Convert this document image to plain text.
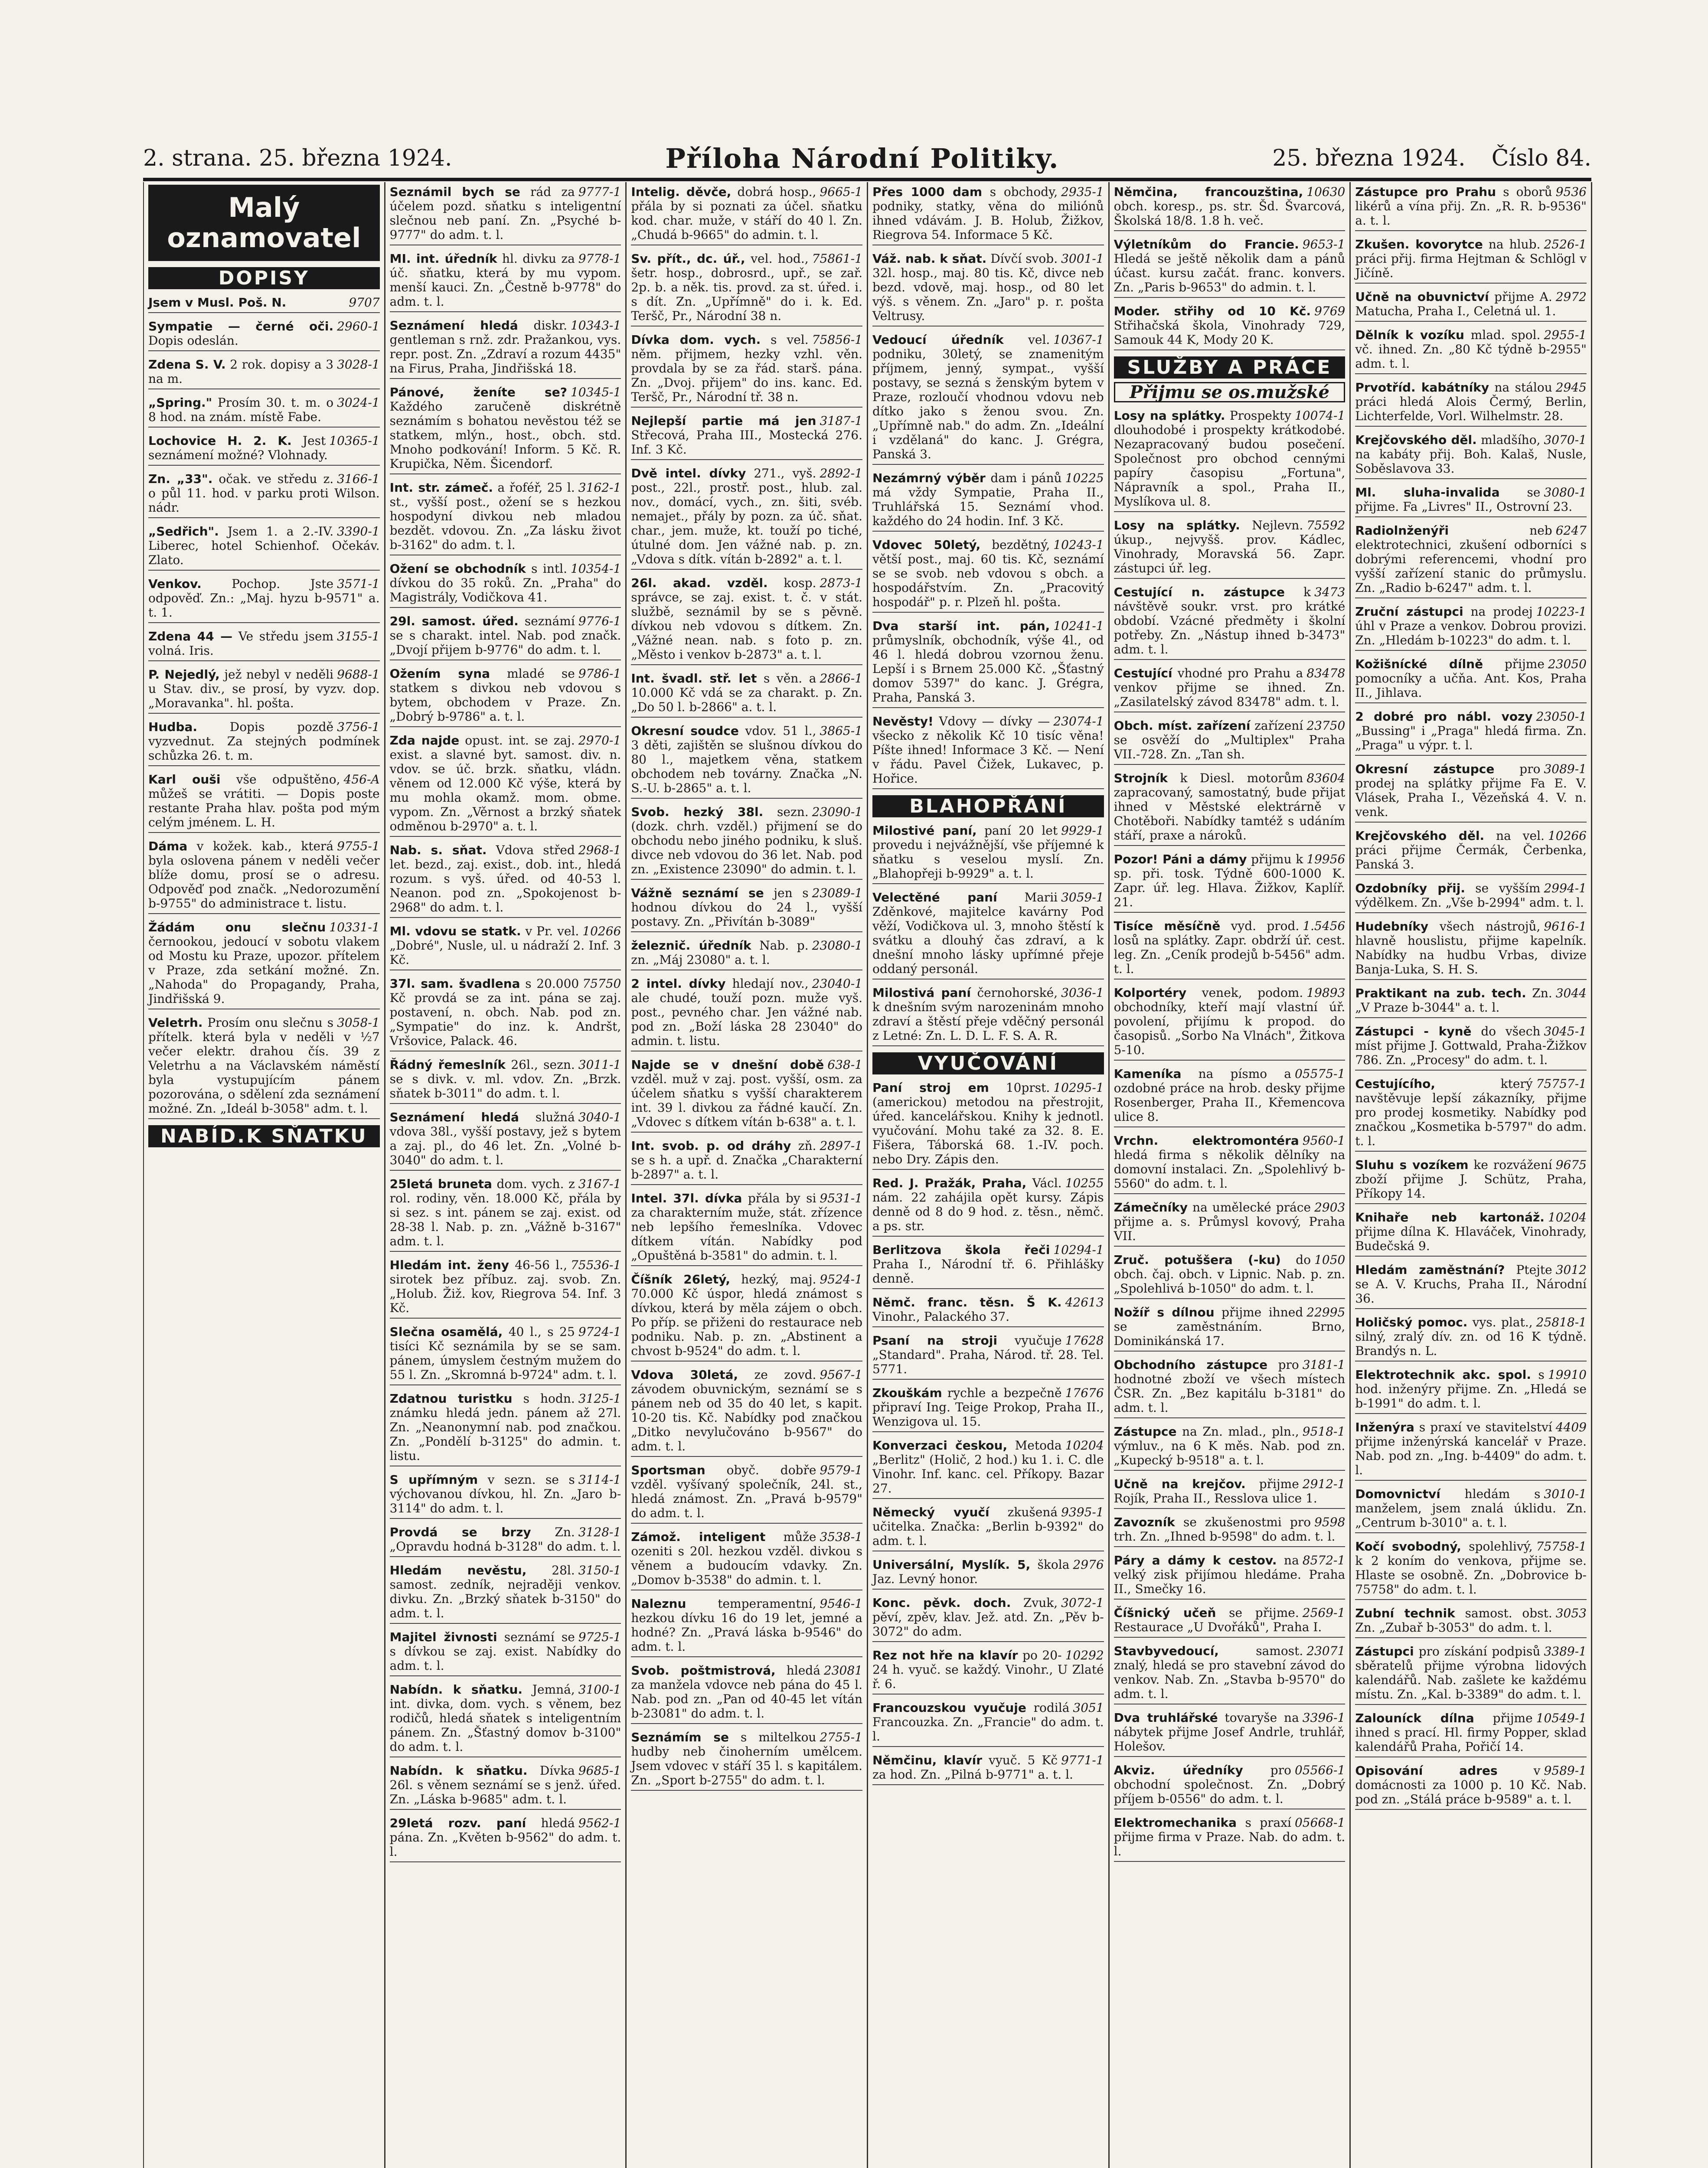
2. strana. 25. března 1924.	Příloha Národní Politiky.	25. března 1924. Číslo 84.
Malý oznamovatel
DOPISY
9707
Jsem v Musl. Poš. N.
2960-1
Sympatie — černé oči. Dopis odeslán.
3028-1
Zdena S. V. 2 rok. dopisy a 3 na m.
3024-1
„Spring." Prosím 30. t. m. o 8 hod. na znám. místě Fabe.
10365-1
Lochovice H. 2. K. Jest seznámení možné? Vlohnady.
3166-1
Zn. „33". očak. ve středu z. o půl 11. hod. v parku proti Wilson. nádr.
3390-1
„Sedřich". Jsem 1. a 2.-IV. Liberec, hotel Schienhof. Očekáv. Zlato.
3571-1
Venkov. Pochop. Jste odpověď. Zn.: „Maj. hyzu b-9571" a. t. 1.
3155-1
Zdena 44 — Ve středu jsem volná. Iris.
9688-1
P. Nejedlý, jež nebyl v neděli u Stav. div., se prosí, by vyzv. dop. „Moravanka". hl. pošta.
3756-1
Hudba. Dopis pozdě vyzvednut. Za stejných podmínek schůzka 26. t. m.
456-A
Karl ouši vše odpuštěno, můžeš se vrátiti. — Dopis poste restante Praha hlav. pošta pod mým celým jménem. L. H.
9755-1
Dáma v kožek. kab., která byla oslovena pánem v neděli večer blíže domu, prosí se o adresu. Odpověď pod značk. „Nedorozumění b-9755" do administrace t. listu.
10331-1
Žádám onu slečnu černookou, jedoucí v sobotu vlakem od Mostu ku Praze, upozor. přítelem v Praze, zda setkání možné. Zn. „Nahoda" do Propagandy, Praha, Jindřišská 9.
3058-1
Veletrh. Prosím onu slečnu s přítelk. která byla v neděli v ½7 večer elektr. drahou čís. 39 z Veletrhu a na Václavském náměstí byla vystupujícím pánem pozorována, o sdělení zda seznámení možné. Zn. „Ideál b-3058" adm. t. l.
NABÍD.K SŇATKU
9777-1
Seznámil bych se rád za účelem pozd. sňatku s inteligentní slečnou neb paní. Zn. „Psyché b-9777" do adm. t. l.
9778-1
MI. int. úředník hl. divku za úč. sňatku, která by mu vypom. menší kauci. Zn. „Čestně b-9778" do adm. t. l.
10343-1
Seznámení hledá diskr. gentleman s rnž. zdr. Pražankou, vys. repr. post. Zn. „Zdraví a rozum 4435" na Firus, Praha, Jindřišská 18.
10345-1
Pánové, ženíte se? Každého zaručeně diskrétně seznámím s bohatou nevěstou též se statkem, mlýn., host., obch. std. Mnoho podkování! Inform. 5 Kč. R. Krupička, Něm. Šicendorf.
3162-1
Int. str. zámeč. a řoféř, 25 l. st., vyšší post., ožení se s hezkou hospodyní divkou neb mladou bezdět. vdovou. Zn. „Za lásku život b-3162" do adm. t. l.
10354-1
Ožení se obchodník s intl. dívkou do 35 roků. Zn. „Praha" do Magistrály, Vodičkova 41.
9776-1
29l. samost. úřed. seznámí se s charakt. intel. Nab. pod značk. „Dvojí přijem b-9776" do adm. t. l.
9786-1
Ožením syna mladé se statkem s divkou neb vdovou s bytem, obchodem v Praze. Zn. „Dobrý b-9786" a. t. l.
2970-1
Zda najde opust. int. se zaj. exist. a slavné byt. samost. div. n. vdov. se úč. brzk. sňatku, vládn. věnem od 12.000 Kč výše, která by mu mohla okamž. mom. obme. vypom. Zn. „Věrnost a brzký sňatek odměnou b-2970" a. t. l.
2968-1
Nab. s. sňat. Vdova střed let. bezd., zaj. exist., dob. int., hledá rozum. s vyš. úřed. od 40-53 l. Neanon. pod zn. „Spokojenost b-2968" do adm. t. l.
10266
Ml. vdovu se statk. v Pr. vel. „Dobré", Nusle, ul. u nádraží 2. Inf. 3 Kč.
75750
37l. sam. švadlena s 20.000 Kč provdá se za int. pána se zaj. postavení, n. obch. Nab. pod zn. „Sympatie" do inz. k. Andršt, Vršovice, Palack. 46.
3011-1
Řádný řemeslník 26l., sezn. se s divk. v. ml. vdov. Zn. „Brzk. sňatek b-3011" do adm. t. l.
3040-1
Seznámení hledá služná vdova 38l., vyšší postavy, jež s bytem a zaj. pl., do 46 let. Zn. „Volné b-3040" do adm. t. l.
3167-1
25letá bruneta dom. vych. z rol. rodiny, věn. 18.000 Kč, přála by si sez. s int. pánem se zaj. exist. od 28-38 l. Nab. p. zn. „Vážně b-3167" adm. t. l.
75536-1
Hledám int. ženy 46-56 l., sirotek bez příbuz. zaj. svob. Zn. „Holub. Žiž. kov, Riegrova 54. Inf. 3 Kč.
9724-1
Slečna osamělá, 40 l., s 25 tisíci Kč seznámila by se se sam. pánem, úmyslem čestným mužem do 55 l. Zn. „Skromná b-9724" adm. t. l.
3125-1
Zdatnou turistku s hodn. známku hledá jedn. pánem až 27l. Zn. „Neanonymní nab. pod značkou. Zn. „Pondělí b-3125" do admin. t. listu.
3114-1
S upřímným v sezn. se s výchovanou dívkou, hl. Zn. „Jaro b-3114" do adm. t. l.
3128-1
Provdá se brzy Zn. „Opravdu hodná b-3128" do adm. t. l.
3150-1
Hledám nevěstu, 28l. samost. zedník, nejraději venkov. divku. Zn. „Brzký sňatek b-3150" do adm. t. l.
9725-1
Majitel živnosti seznámí se s dívkou se zaj. exist. Nabídky do adm. t. l.
3100-1
Nabídn. k sňatku. Jemná, int. divka, dom. vych. s věnem, bez rodičů, hledá sňatek s inteligentním pánem. Zn. „Šťastný domov b-3100" do adm. t. l.
9685-1
Nabídn. k sňatku. Dívka 26l. s věnem seznámí se s jenž. úřed. Zn. „Láska b-9685" adm. t. l.
9562-1
29letá rozv. paní hledá pána. Zn. „Květen b-9562" do adm. t. l.
9665-1
Intelig. děvče, dobrá hosp., přála by si poznati za účel. sňatku kod. char. muže, v stáří do 40 l. Zn. „Chudá b-9665" do admin. t. l.
75861-1
Sv. přít., dc. úř., vel. hod., šetr. hosp., dobrosrd., upř., se zař. 2p. b. a něk. tis. provd. za st. úřed. i. s dít. Zn. „Upřímně" do i. k. Ed. Teršč, Pr., Národní 38 n.
75856-1
Dívka dom. vych. s vel. něm. přijmem, hezky vzhl. věn. provdala by se za řád. starš. pána. Zn. „Dvoj. přijem" do ins. kanc. Ed. Teršč, Pr., Národní tř. 38 n.
3187-1
Nejlepší partie má jen Střecová, Praha III., Mostecká 276. Inf. 3 Kč.
2892-1
Dvě intel. dívky 271., vyš. post., 22l., prostř. post., hlub. zal. nov., domácí, vych., zn. šiti, svéb. nemajet., přály by pozn. za úč. sňat. char., jem. muže, kt. touží po tiché, útulné dom. Jen vážné nab. p. zn. „Vdova s dítk. vítán b-2892" a. t. l.
2873-1
26l. akad. vzděl. kosp. správce, se zaj. exist. t. č. v stát. službě, seznámil by se s pěvně. dívkou neb vdovou s dítkem. Zn. „Vážné nean. nab. s foto p. zn. „Město i venkov b-2873" a. t. l.
2866-1
Int. švadl. stř. let s věn. a 10.000 Kč vdá se za charakt. p. Zn. „Do 50 l. b-2866" a. t. l.
3865-1
Okresní soudce vdov. 51 l., 3 děti, zajištěn se slušnou dívkou do 80 l., majetkem věna, statkem obchodem neb továrny. Značka „N. S.-U. b-2865" a. t. l.
23090-1
Svob. hezký 38l. sezn. (dozk. chrh. vzděl.) přijmení se do obchodu nebo jiného podniku, k sluš. divce neb vdovou do 36 let. Nab. pod zn. „Existence 23090" do admin. t. l.
23089-1
Vážně seznámí se jen s hodnou dívkou do 24 l., vyšší postavy. Zn. „Přivítán b-3089"
23080-1
železnič. úředník Nab. p. zn. „Máj 23080" a. t. l.
23040-1
2 intel. dívky hledají nov., ale chudé, touží pozn. muže vyš. post., pevného char. Jen vážné nab. pod zn. „Boží láska 28 23040" do admin. t. listu.
638-1
Najde se v dnešní době vzděl. muž v zaj. post. vyšší, osm. za účelem sňatku s vyšší charakterem int. 39 l. divkou za řádné kaučí. Zn. „Vdovec s dítkem vítán b-638" a. t. l.
2897-1
Int. svob. p. od dráhy zň. se s h. a upř. d. Značka „Charakterní b-2897" a. t. l.
9531-1
Intel. 37l. dívka přála by si za charakterním muže, stát. zřízence neb lepšího řemeslníka. Vdovec dítkem vítán. Nabídky pod „Opuštěná b-3581" do admin. t. l.
9524-1
Číšník 26letý, hezký, maj. 70.000 Kč úspor, hledá známost s dívkou, která by měla zájem o obch. Po příp. se přiženi do restaurace neb podniku. Nab. p. zn. „Abstinent a chvost b-9524" do adm. t. l.
9567-1
Vdova 30letá, ze zovd. závodem obuvnickým, seznámí se s pánem neb od 35 do 40 let, s kapit. 10-20 tis. Kč. Nabídky pod značkou „Ditko nevylučováno b-9567" do adm. t. l.
9579-1
Sportsman obyč. dobře vzděl. vyšívaný společník, 24l. st., hledá známost. Zn. „Pravá b-9579" do adm. t. l.
3538-1
Zámož. inteligent může ozeniti s 20l. hezkou vzděl. divkou s věnem a budoucím vdavky. Zn. „Domov b-3538" do admin. t. l.
9546-1
Naleznu temperamentní, hezkou dívku 16 do 19 let, jemné a hodné? Zn. „Pravá láska b-9546" do adm. t. l.
23081
Svob. poštmistrová, hledá za manžela vdovce neb pána do 45 l. Nab. pod zn. „Pan od 40-45 let vítán b-23081" do adm. t. l.
2755-1
Seznámím se s miltelkou hudby neb činoherním umělcem. Jsem vdovec v stáří 35 l. s kapitálem. Zn. „Sport b-2755" do adm. t. l.
2935-1
Přes 1000 dam s obchody, podniky, statky, věna do miliónů ihned vdávám. J. B. Holub, Žižkov, Riegrova 54. Informace 5 Kč.
3001-1
Váž. nab. k sňat. Dívčí svob. 32l. hosp., maj. 80 tis. Kč, divce neb bezd. vdově, maj. hosp., od 80 let výš. s věnem. Zn. „Jaro" p. r. pošta Veltrusy.
10367-1
Vedoucí úředník vel. podniku, 30letý, se znamenitým příjmem, jenný, sympat., vyšší postavy, se sezná s ženským bytem v Praze, rozloučí vhodnou vdovu neb dítko jako s ženou svou. Zn. „Upřímně nab." do adm. Zn. „Ideální i vzdělaná" do kanc. J. Grégra, Panská 3.
10225
Nezámrný výběr dam i pánů má vždy Sympatie, Praha II., Truhlářská 15. Seznámí vhod. každého do 24 hodin. Inf. 3 Kč.
10243-1
Vdovec 50letý, bezdětný, větší post., maj. 60 tis. Kč, seznámí se se svob. neb vdovou s obch. a hospodářstvím. Zn. „Pracovitý hospodář" p. r. Plzeň hl. pošta.
10241-1
Dva starší int. pán, průmyslník, obchodník, výše 4l., od 46 l. hledá dobrou vzornou ženu. Lepší i s Brnem 25.000 Kč. „Šťastný domov 5397" do kanc. J. Grégra, Praha, Panská 3.
23074-1
Nevěsty! Vdovy — dívky — všecko z několik Kč 10 tisíc věna! Píšte ihned! Informace 3 Kč. — Není v řádu. Pavel Čižek, Lukavec, p. Hořice.
BLAHOPŘÁNÍ
9929-1
Milostivé paní, paní 20 let provedu i nejvážnější, vše příjemné k sňatku s veselou myslí. Zn. „Blahopřeji b-9929" a. t. l.
3059-1
Velectěné paní Marii Zděnkové, majitelce kavárny Pod věží, Vodičkova ul. 3, mnoho štěstí k svátku a dlouhý čas zdraví, a k dnešní mnoho lásky upřímné přeje oddaný personál.
3036-1
Milostivá paní černohorské, k dnešním svým narozeninám mnoho zdraví a štěstí přeje vděčný personál z Letné: Zn. L. D. L. F. S. A. R.
VYUČOVÁNÍ
10295-1
Paní stroj em 10prst. (americkou) metodou na přestrojit, úřed. kancelářskou. Knihy k jednotl. vyučování. Mohu také za 32. 8. E. Fišera, Táborská 68. 1.-IV. poch. nebo Dry. Zápis den.
10255
Red. J. Pražák, Praha, Václ. nám. 22 zahájila opět kursy. Zápis denně od 8 do 9 hod. z. těsn., němč. a ps. str.
10294-1
Berlitzova škola řeči Praha I., Národní tř. 6. Přihlášky denně.
42613
Němč. franc. těsn. Š K. Vinohr., Palackého 37.
17628
Psaní na stroji vyučuje „Standard". Praha, Národ. tř. 28. Tel. 5771.
17676
Zkouškám rychle a bezpečně připraví Ing. Teige Prokop, Praha II., Wenzigova ul. 15.
10204
Konverzaci českou, Metoda „Berlitz" (Holič, 2 hod.) ku 1. i. C. dle Vinohr. Inf. kanc. cel. Příkopy. Bazar 27.
9395-1
Německý vyučí zkušená učitelka. Značka: „Berlin b-9392" do adm. t. l.
2976
Universální, Myslík. 5, škola Jaz. Levný honor.
3072-1
Konc. pěvk. doch. Zvuk, pěví, zpěv, klav. Jež. atd. Zn. „Pěv b-3072" do adm.
10292
Rez not hře na klavír po 20-24 h. vyuč. se každý. Vinohr., U Zlaté ř. 6.
3051
Francouzskou vyučuje rodilá Francouzka. Zn. „Francie" do adm. t. l.
9771-1
Němčinu, klavír vyuč. 5 Kč za hod. Zn. „Pilná b-9771" a. t. l.
10630
Němčina, francouzština, obch. koresp., ps. str. Šd. Švarcová, Školská 18/8. 1.8 h. več.
9653-1
Výletníkům do Francie. Hledá se ještě několik dam a pánů účast. kursu začát. franc. konvers. Zn. „Paris b-9653" do admin. t. l.
9769
Moder. střihy od 10 Kč. Střihačská škola, Vinohrady 729, Samouk 44 K, Mody 20 K.
SLUŽBY A PRÁCE
Přijmu se os.mužské
10074-1
Losy na splátky. Prospekty dlouhodobé i prospekty krátkodobé. Nezapracovaný budou posečení. Společnost pro obchod cennými papíry časopisu „Fortuna", Nápravník a spol., Praha II., Myslíkova ul. 8.
75592
Losy na splátky. Nejlevn. úkup., nejvyšš. prov. Kádlec, Vinohrady, Moravská 56. Zapr. zástupci úř. leg.
3473
Cestující n. zástupce k návštěvě soukr. vrst. pro krátké období. Vzácné předměty i školní potřeby. Zn. „Nástup ihned b-3473" adm. t. l.
83478
Cestující vhodné pro Prahu a venkov přijme se ihned. Zn. „Zasilatelský závod 83478" adm. t. l.
23750
Obch. míst. zařízení zařízení se osvěží do „Multiplex" Praha VII.-728. Zn. „Tan sh.
83604
Strojník k Diesl. motorům zapracovaný, samostatný, bude přijat ihned v Městské elektrárně v Chotěboři. Nabídky tamtéž s udáním stáří, praxe a nároků.
19956
Pozor! Páni a dámy přijmu k sp. při. tosk. Týdně 600-1000 K. Zapr. úř. leg. Hlava. Žižkov, Kaplíř. 21.
1.5456
Tisíce měsíčně vyd. prod. losů na splátky. Zapr. obdrží úř. cest. leg. Zn. „Ceník prodejů b-5456" adm. t. l.
19893
Kolportéry venek, podom. obchodníky, kteří mají vlastní úř. povolení, přijímu k propod. do časopisů. „Sorbo Na Vlnách", Žitkova 5-10.
05575-1
Kameníka na písmo a ozdobné práce na hrob. desky přijme Rosenberger, Praha II., Křemencova ulice 8.
9560-1
Vrchn. elektromontéra hledá firma s několik dělníky na domovní instalaci. Zn. „Spolehlivý b-5560" do adm. t. l.
2903
Zámečníky na umělecké práce přijme a. s. Průmysl kovový, Praha VII.
1050
Zruč. potuššera (-ku) do obch. čaj. obch. v Lipnic. Nab. p. zn. „Spolehlivá b-1050" do adm. t. l.
22995
Nožíř s dílnou přijme ihned se zaměstnáním. Brno, Dominikánská 17.
3181-1
Obchodního zástupce pro hodnotné zboží ve všech místech ČSR. Zn. „Bez kapitálu b-3181" do adm. t. l.
9518-1
Zástupce na Zn. mlad., pln., výmluv., na 6 K měs. Nab. pod zn. „Kupecký b-9518" a. t. l.
2912-1
Učně na krejčov. přijme Rojík, Praha II., Resslova ulice 1.
9598
Zavozník se zkušenostmi pro trh. Zn. „Ihned b-9598" do adm. t. l.
8572-1
Páry a dámy k cestov. na velký zisk přijímou hledáme. Praha II., Smečky 16.
2569-1
Číšnický učeň se přijme. Restaurace „U Dvořáků", Praha I.
23071
Stavbyvedoucí, samost. znalý, hledá se pro stavební závod do venkov. Nab. Zn. „Stavba b-9570" do adm. t. l.
3396-1
Dva truhlářské tovaryše na nábytek přijme Josef Andrle, truhlář, Holešov.
05566-1
Akviz. úředníky pro obchodní společnost. Zn. „Dobrý příjem b-0556" do adm. t. l.
05668-1
Elektromechanika s praxí přijme firma v Praze. Nab. do adm. t. l.
9536
Zástupce pro Prahu s oborů likérů a vína přij. Zn. „R. R. b-9536" a. t. l.
2526-1
Zkušen. kovorytce na hlub. práci přij. firma Hejtman & Schlögl v Jičíně.
2972
Učně na obuvnictví přijme A. Matucha, Praha I., Celetná ul. 1.
2955-1
Dělník k vozíku mlad. spol. vč. ihned. Zn. „80 Kč týdně b-2955" adm. t. l.
2945
Prvotříd. kabátníky na stálou práci hledá Alois Čermý, Berlin, Lichterfelde, Vorl. Wilhelmstr. 28.
3070-1
Krejčovského děl. mladšího, na kabáty přij. Boh. Kalaš, Nusle, Soběslavova 33.
3080-1
Ml. sluha-invalida se přijme. Fa „Livres" II., Ostrovní 23.
6247
Radiolnženýři neb elektrotechnici, zkušení odborníci s dobrými referencemi, vhodní pro vyšší zařízení stanic do průmyslu. Zn. „Radio b-6247" adm. t. l.
10223-1
Zruční zástupci na prodej úhl v Praze a venkov. Dobrou provizi. Zn. „Hledám b-10223" do adm. t. l.
23050
Kožišnícké dílně přijme pomocníky a učňa. Ant. Kos, Praha II., Jihlava.
23050-1
2 dobré pro nábl. vozy „Bussing" i „Praga" hledá firma. Zn. „Praga" u výpr. t. l.
3089-1
Okresní zástupce pro prodej na splátky přijme Fa E. V. Vlásek, Praha I., Vězeňská 4. V. n. venk.
10266
Krejčovského děl. na vel. práci přijme Čermák, Čerbenka, Panská 3.
2994-1
Ozdobníky přij. se vyšším výdělkem. Zn. „Vše b-2994" adm. t. l.
9616-1
Hudebníky všech nástrojů, hlavně houslistu, přijme kapelník. Nabídky na hudbu Vrbas, divize Banja-Luka, S. H. S.
3044
Praktikant na zub. tech. Zn. „V Praze b-3044" a. t. l.
3045-1
Zástupci - kyně do všech míst přijme J. Gottwald, Praha-Žižkov 786. Zn. „Procesy" do adm. t. l.
75757-1
Cestujícího, který navštěvuje lepší zákazníky, přijme pro prodej kosmetiky. Nabídky pod značkou „Kosmetika b-5797" do adm. t. l.
9675
Sluhu s vozíkem ke rozvážení zboží přijme J. Schütz, Praha, Příkopy 14.
10204
Knihaře neb kartonáž. přijme dílna K. Hlaváček, Vinohrady, Budečská 9.
3012
Hledám zaměstnání? Ptejte se A. V. Kruchs, Praha II., Národní 36.
25818-1
Holičský pomoc. vys. plat., silný, zralý dív. zn. od 16 K týdně. Brandýs n. L.
19910
Elektrotechnik akc. spol. s hod. inženýry přijme. Zn. „Hledá se b-1991" do adm. t. l.
4409
Inženýra s praxí ve stavitelství přijme inženýrská kancelář v Praze. Nab. pod zn. „Ing. b-4409" do adm. t. l.
3010-1
Domovnictví hledám s manželem, jsem znalá úklidu. Zn. „Centrum b-3010" a. t. l.
75758-1
Kočí svobodný, spolehlivý, k 2 koním do venkova, přijme se. Hlaste se osobně. Zn. „Dobrovice b-75758" do adm. t. l.
3053
Zubní technik samost. obst. Zn. „Zubař b-3053" do adm. t. l.
3389-1
Zástupci pro získání podpisů sběratelů přijme výrobna lidových kalendářů. Nab. zašlete ke každému místu. Zn. „Kal. b-3389" do adm. t. l.
10549-1
Zalouníck dílna přijme ihned s prací. Hl. firmy Popper, sklad kalendářů Praha, Pořičí 14.
9589-1
Opisování adres v domácnosti za 1000 p. 10 Kč. Nab. pod zn. „Stálá práce b-9589" a. t. l.
